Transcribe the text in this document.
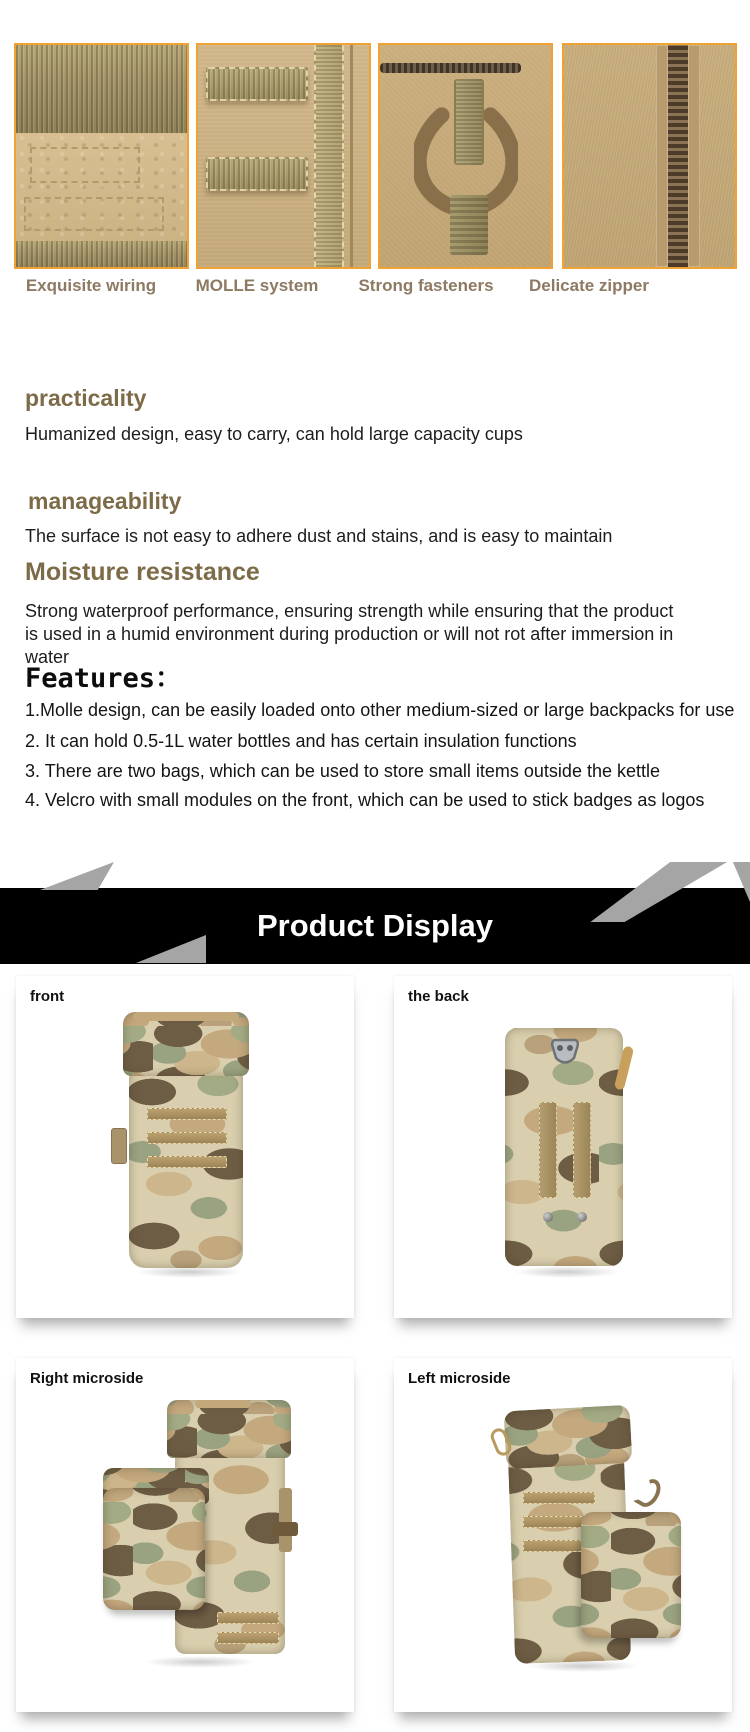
Exquisite wiring	MOLLE system	Strong fasteners	Delicate zipper
practicality
Humanized design, easy to carry, can hold large capacity cups
manageability
The surface is not easy to adhere dust and stains, and is easy to maintain
Moisture resistance
Strong waterproof performance, ensuring strength while ensuring that the product is used in a humid environment during production or will not rot after immersion in water
Features：
1.Molle design, can be easily loaded onto other medium-sized or large backpacks for use
2. It can hold 0.5-1L water bottles and has certain insulation functions
3. There are two bags, which can be used to store small items outside the kettle
4. Velcro with small modules on the front, which can be used to stick badges as logos
Product Display
front	the back
Right microside	Left microside
